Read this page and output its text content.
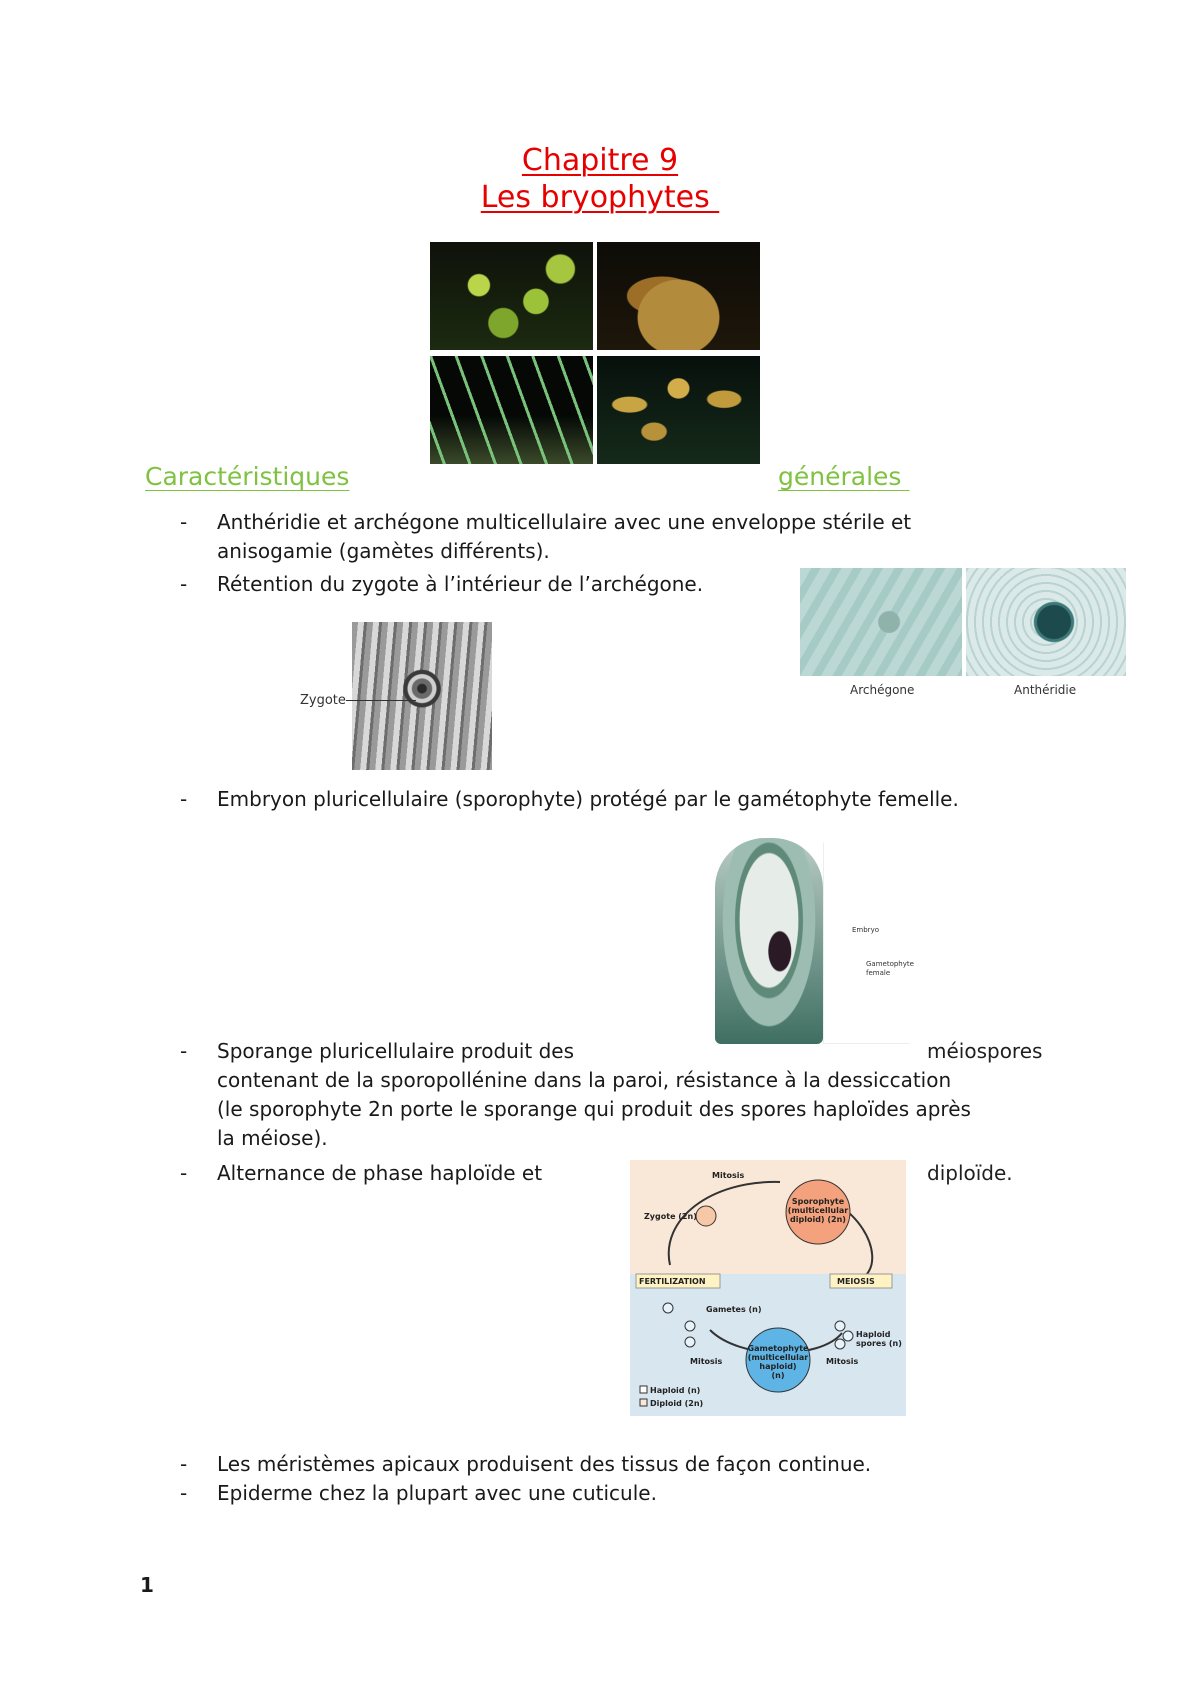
Chapitre 9
Les bryophytes
Caractéristiques	générales
- Anthéridie et archégone multicellulaire avec une enveloppe stérile et
anisogamie (gamètes différents).
- Rétention du zygote à l’intérieur de l’archégone.
Archégone	Anthéridie
Zygote
- Embryon pluricellulaire (sporophyte) protégé par le gamétophyte femelle.
Embryo
Gametophyte
female
- Sporange pluricellulaire produit des	méiospores
contenant de la sporopollénine dans la paroi, résistance à la dessiccation
(le sporophyte 2n porte le sporange qui produit des spores haploïdes après
la méiose).
- Alternance de phase haploïde et	diploïde.
Mitosis
Sporophyte
(multicellular
diploid) (2n)
Zygote (2n)
FERTILIZATION	MEIOSIS
Gametes (n)
Gametophyte
(multicellular
haploid)
(n)
Haploid
spores (n)
Mitosis	Mitosis
Haploid (n)
Diploid (2n)
- Les méristèmes apicaux produisent des tissus de façon continue.
- Epiderme chez la plupart avec une cuticule.
1
